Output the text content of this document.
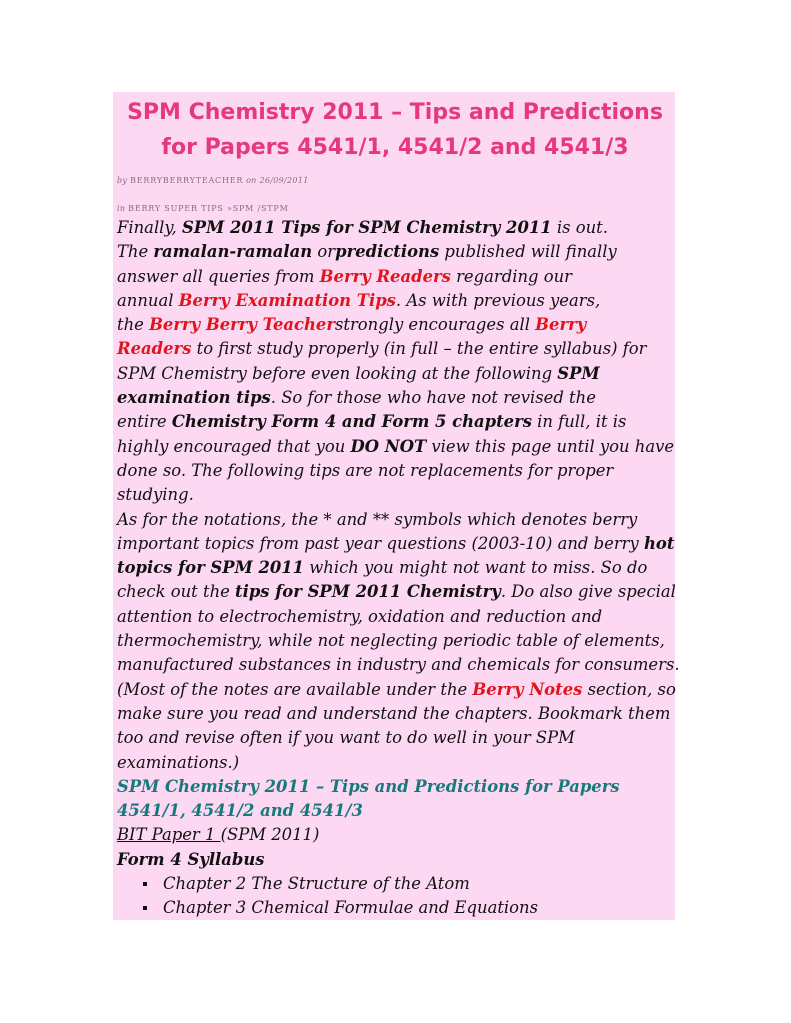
SPM Chemistry 2011 – Tips and Predictions
for Papers 4541/1, 4541/2 and 4541/3
by BERRYBERRYTEACHER on 26/09/2011
in BERRY SUPER TIPS »SPM /STPM
Finally, SPM 2011 Tips for SPM Chemistry 2011 is out.
The ramalan-ramalan orpredictions published will finally
answer all queries from Berry Readers regarding our
annual Berry Examination Tips. As with previous years,
the Berry Berry Teacherstrongly encourages all Berry
Readers to first study properly (in full – the entire syllabus) for
SPM Chemistry before even looking at the following SPM
examination tips. So for those who have not revised the
entire Chemistry Form 4 and Form 5 chapters in full, it is
highly encouraged that you DO NOT view this page until you have
done so. The following tips are not replacements for proper
studying.
As for the notations, the * and ** symbols which denotes berry
important topics from past year questions (2003-10) and berry hot
topics for SPM 2011 which you might not want to miss. So do
check out the tips for SPM 2011 Chemistry. Do also give special
attention to electrochemistry, oxidation and reduction and
thermochemistry, while not neglecting periodic table of elements,
manufactured substances in industry and chemicals for consumers.
(Most of the notes are available under the Berry Notes section, so
make sure you read and understand the chapters. Bookmark them
too and revise often if you want to do well in your SPM
examinations.)
SPM Chemistry 2011 – Tips and Predictions for Papers
4541/1, 4541/2 and 4541/3
BIT Paper 1 (SPM 2011)
Form 4 Syllabus
Chapter 2 The Structure of the Atom
Chapter 3 Chemical Formulae and Equations
